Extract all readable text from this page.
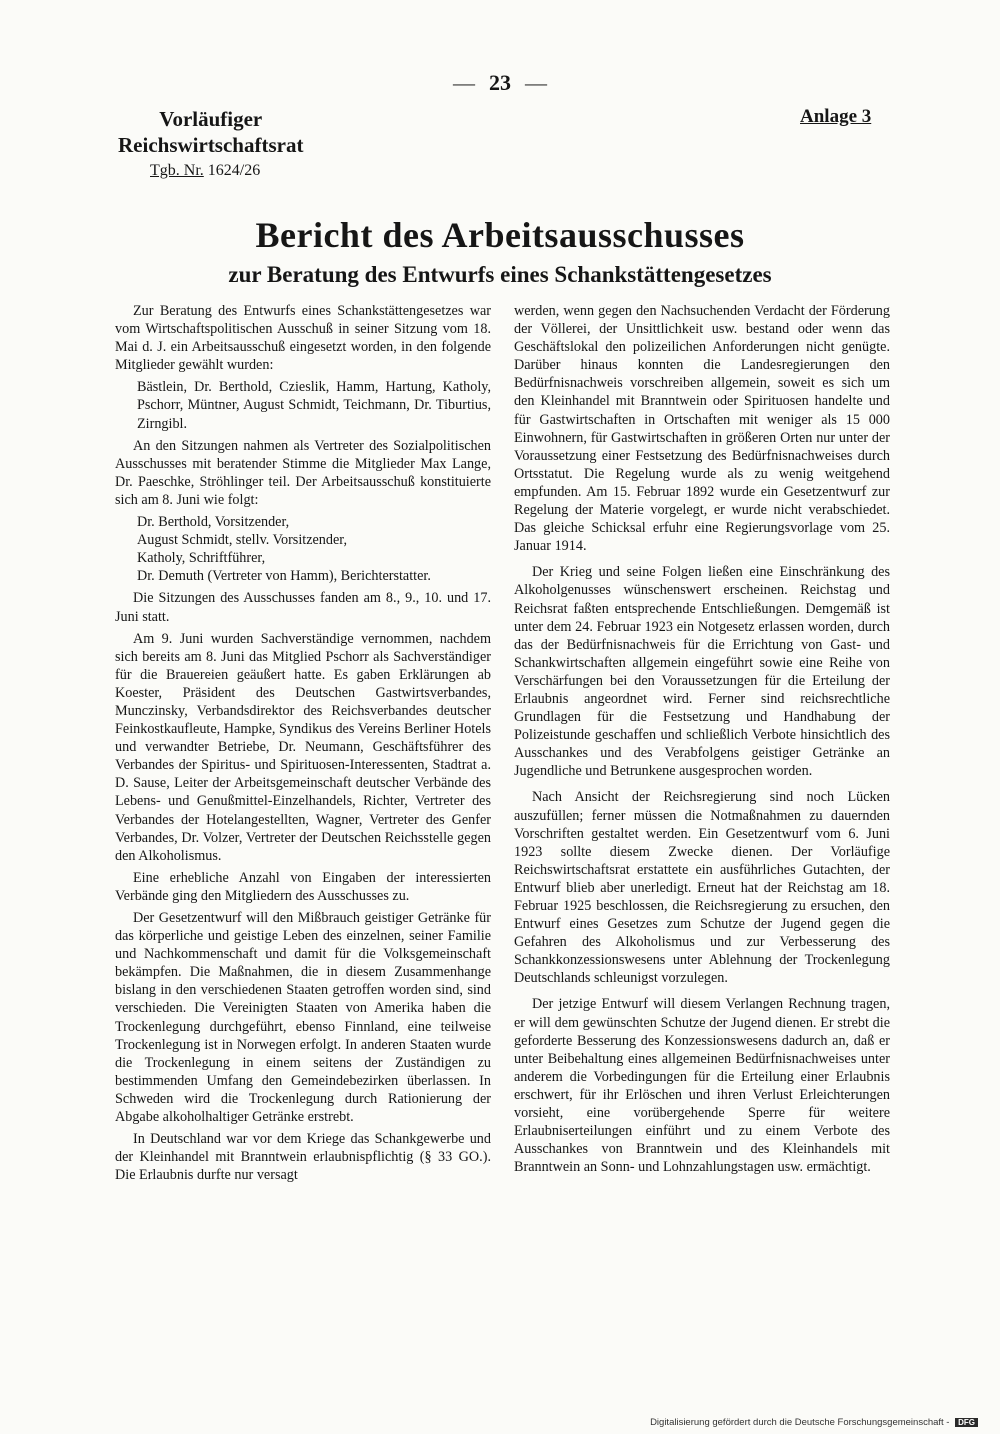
— 23 —
Vorläufiger
Reichswirtschaftsrat
Tgb. Nr. 1624/26
Anlage 3
Bericht des Arbeitsausschusses
zur Beratung des Entwurfs eines Schankstättengesetzes

Zur Beratung des Entwurfs eines Schankstättengesetzes war vom Wirtschaftspolitischen Ausschuß in seiner Sitzung vom 18. Mai d. J. ein Arbeitsausschuß eingesetzt worden, in den folgende Mitglieder gewählt wurden:

Bästlein, Dr. Berthold, Czieslik, Hamm, Hartung, Katholy, Pschorr, Müntner, August Schmidt, Teichmann, Dr. Tiburtius, Zirngibl.

An den Sitzungen nahmen als Vertreter des Sozialpolitischen Ausschusses mit beratender Stimme die Mitglieder Max Lange, Dr. Paeschke, Ströhlinger teil. Der Arbeitsausschuß konstituierte sich am 8. Juni wie folgt:

Dr. Berthold, Vorsitzender,

August Schmidt, stellv. Vorsitzender,

Katholy, Schriftführer,

Dr. Demuth (Vertreter von Hamm), Berichterstatter.

Die Sitzungen des Ausschusses fanden am 8., 9., 10. und 17. Juni statt.

Am 9. Juni wurden Sachverständige vernommen, nachdem sich bereits am 8. Juni das Mitglied Pschorr als Sachverständiger für die Brauereien geäußert hatte. Es gaben Erklärungen ab Koester, Präsident des Deutschen Gastwirtsverbandes, Munczinsky, Verbandsdirektor des Reichsverbandes deutscher Feinkostkaufleute, Hampke, Syndikus des Vereins Berliner Hotels und verwandter Betriebe, Dr. Neumann, Geschäftsführer des Verbandes der Spiritus- und Spirituosen-Interessenten, Stadtrat a. D. Sause, Leiter der Arbeitsgemeinschaft deutscher Verbände des Lebens- und Genußmittel-Einzelhandels, Richter, Vertreter des Verbandes der Hotelangestellten, Wagner, Vertreter des Genfer Verbandes, Dr. Volzer, Vertreter der Deutschen Reichsstelle gegen den Alkoholismus.

Eine erhebliche Anzahl von Eingaben der interessierten Verbände ging den Mitgliedern des Ausschusses zu.

Der Gesetzentwurf will den Mißbrauch geistiger Getränke für das körperliche und geistige Leben des einzelnen, seiner Familie und Nachkommenschaft und damit für die Volksgemeinschaft bekämpfen. Die Maßnahmen, die in diesem Zusammenhange bislang in den verschiedenen Staaten getroffen worden sind, sind verschieden. Die Vereinigten Staaten von Amerika haben die Trockenlegung durchgeführt, ebenso Finnland, eine teilweise Trockenlegung ist in Norwegen erfolgt. In anderen Staaten wurde die Trockenlegung in einem seitens der Zuständigen zu bestimmenden Umfang den Gemeindebezirken überlassen. In Schweden wird die Trockenlegung durch Rationierung der Abgabe alkoholhaltiger Getränke erstrebt.

In Deutschland war vor dem Kriege das Schankgewerbe und der Kleinhandel mit Branntwein erlaubnispflichtig (§ 33 GO.). Die Erlaubnis durfte nur versagt

werden, wenn gegen den Nachsuchenden Verdacht der Förderung der Völlerei, der Unsittlichkeit usw. bestand oder wenn das Geschäftslokal den polizeilichen Anforderungen nicht genügte. Darüber hinaus konnten die Landesregierungen den Bedürfnisnachweis vorschreiben allgemein, soweit es sich um den Kleinhandel mit Branntwein oder Spirituosen handelte und für Gastwirtschaften in Ortschaften mit weniger als 15 000 Einwohnern, für Gastwirtschaften in größeren Orten nur unter der Voraussetzung einer Festsetzung des Bedürfnisnachweises durch Ortsstatut. Die Regelung wurde als zu wenig weitgehend empfunden. Am 15. Februar 1892 wurde ein Gesetzentwurf zur Regelung der Materie vorgelegt, er wurde nicht verabschiedet. Das gleiche Schicksal erfuhr eine Regierungsvorlage vom 25. Januar 1914.

Der Krieg und seine Folgen ließen eine Einschränkung des Alkoholgenusses wünschenswert erscheinen. Reichstag und Reichsrat faßten entsprechende Entschließungen. Demgemäß ist unter dem 24. Februar 1923 ein Notgesetz erlassen worden, durch das der Bedürfnisnachweis für die Errichtung von Gast- und Schankwirtschaften allgemein eingeführt sowie eine Reihe von Verschärfungen bei den Voraussetzungen für die Erteilung der Erlaubnis angeordnet wird. Ferner sind reichsrechtliche Grundlagen für die Festsetzung und Handhabung der Polizeistunde geschaffen und schließlich Verbote hinsichtlich des Ausschankes und des Verabfolgens geistiger Getränke an Jugendliche und Betrunkene ausgesprochen worden.

Nach Ansicht der Reichsregierung sind noch Lücken auszufüllen; ferner müssen die Notmaßnahmen zu dauernden Vorschriften gestaltet werden. Ein Gesetzentwurf vom 6. Juni 1923 sollte diesem Zwecke dienen. Der Vorläufige Reichswirtschaftsrat erstattete ein ausführliches Gutachten, der Entwurf blieb aber unerledigt. Erneut hat der Reichstag am 18. Februar 1925 beschlossen, die Reichsregierung zu ersuchen, den Entwurf eines Gesetzes zum Schutze der Jugend gegen die Gefahren des Alkoholismus und zur Verbesserung des Schankkonzessionswesens unter Ablehnung der Trockenlegung Deutschlands schleunigst vorzulegen.

Der jetzige Entwurf will diesem Verlangen Rechnung tragen, er will dem gewünschten Schutze der Jugend dienen. Er strebt die geforderte Besserung des Konzessionswesens dadurch an, daß er unter Beibehaltung eines allgemeinen Bedürfnisnachweises unter anderem die Vorbedingungen für die Erteilung einer Erlaubnis erschwert, für ihr Erlöschen und ihren Verlust Erleichterungen vorsieht, eine vorübergehende Sperre für weitere Erlaubniserteilungen einführt und zu einem Verbote des Ausschankes von Branntwein und des Kleinhandels mit Branntwein an Sonn- und Lohnzahlungstagen usw. ermächtigt.

Digitalisierung gefördert durch die Deutsche Forschungsgemeinschaft - DFG
